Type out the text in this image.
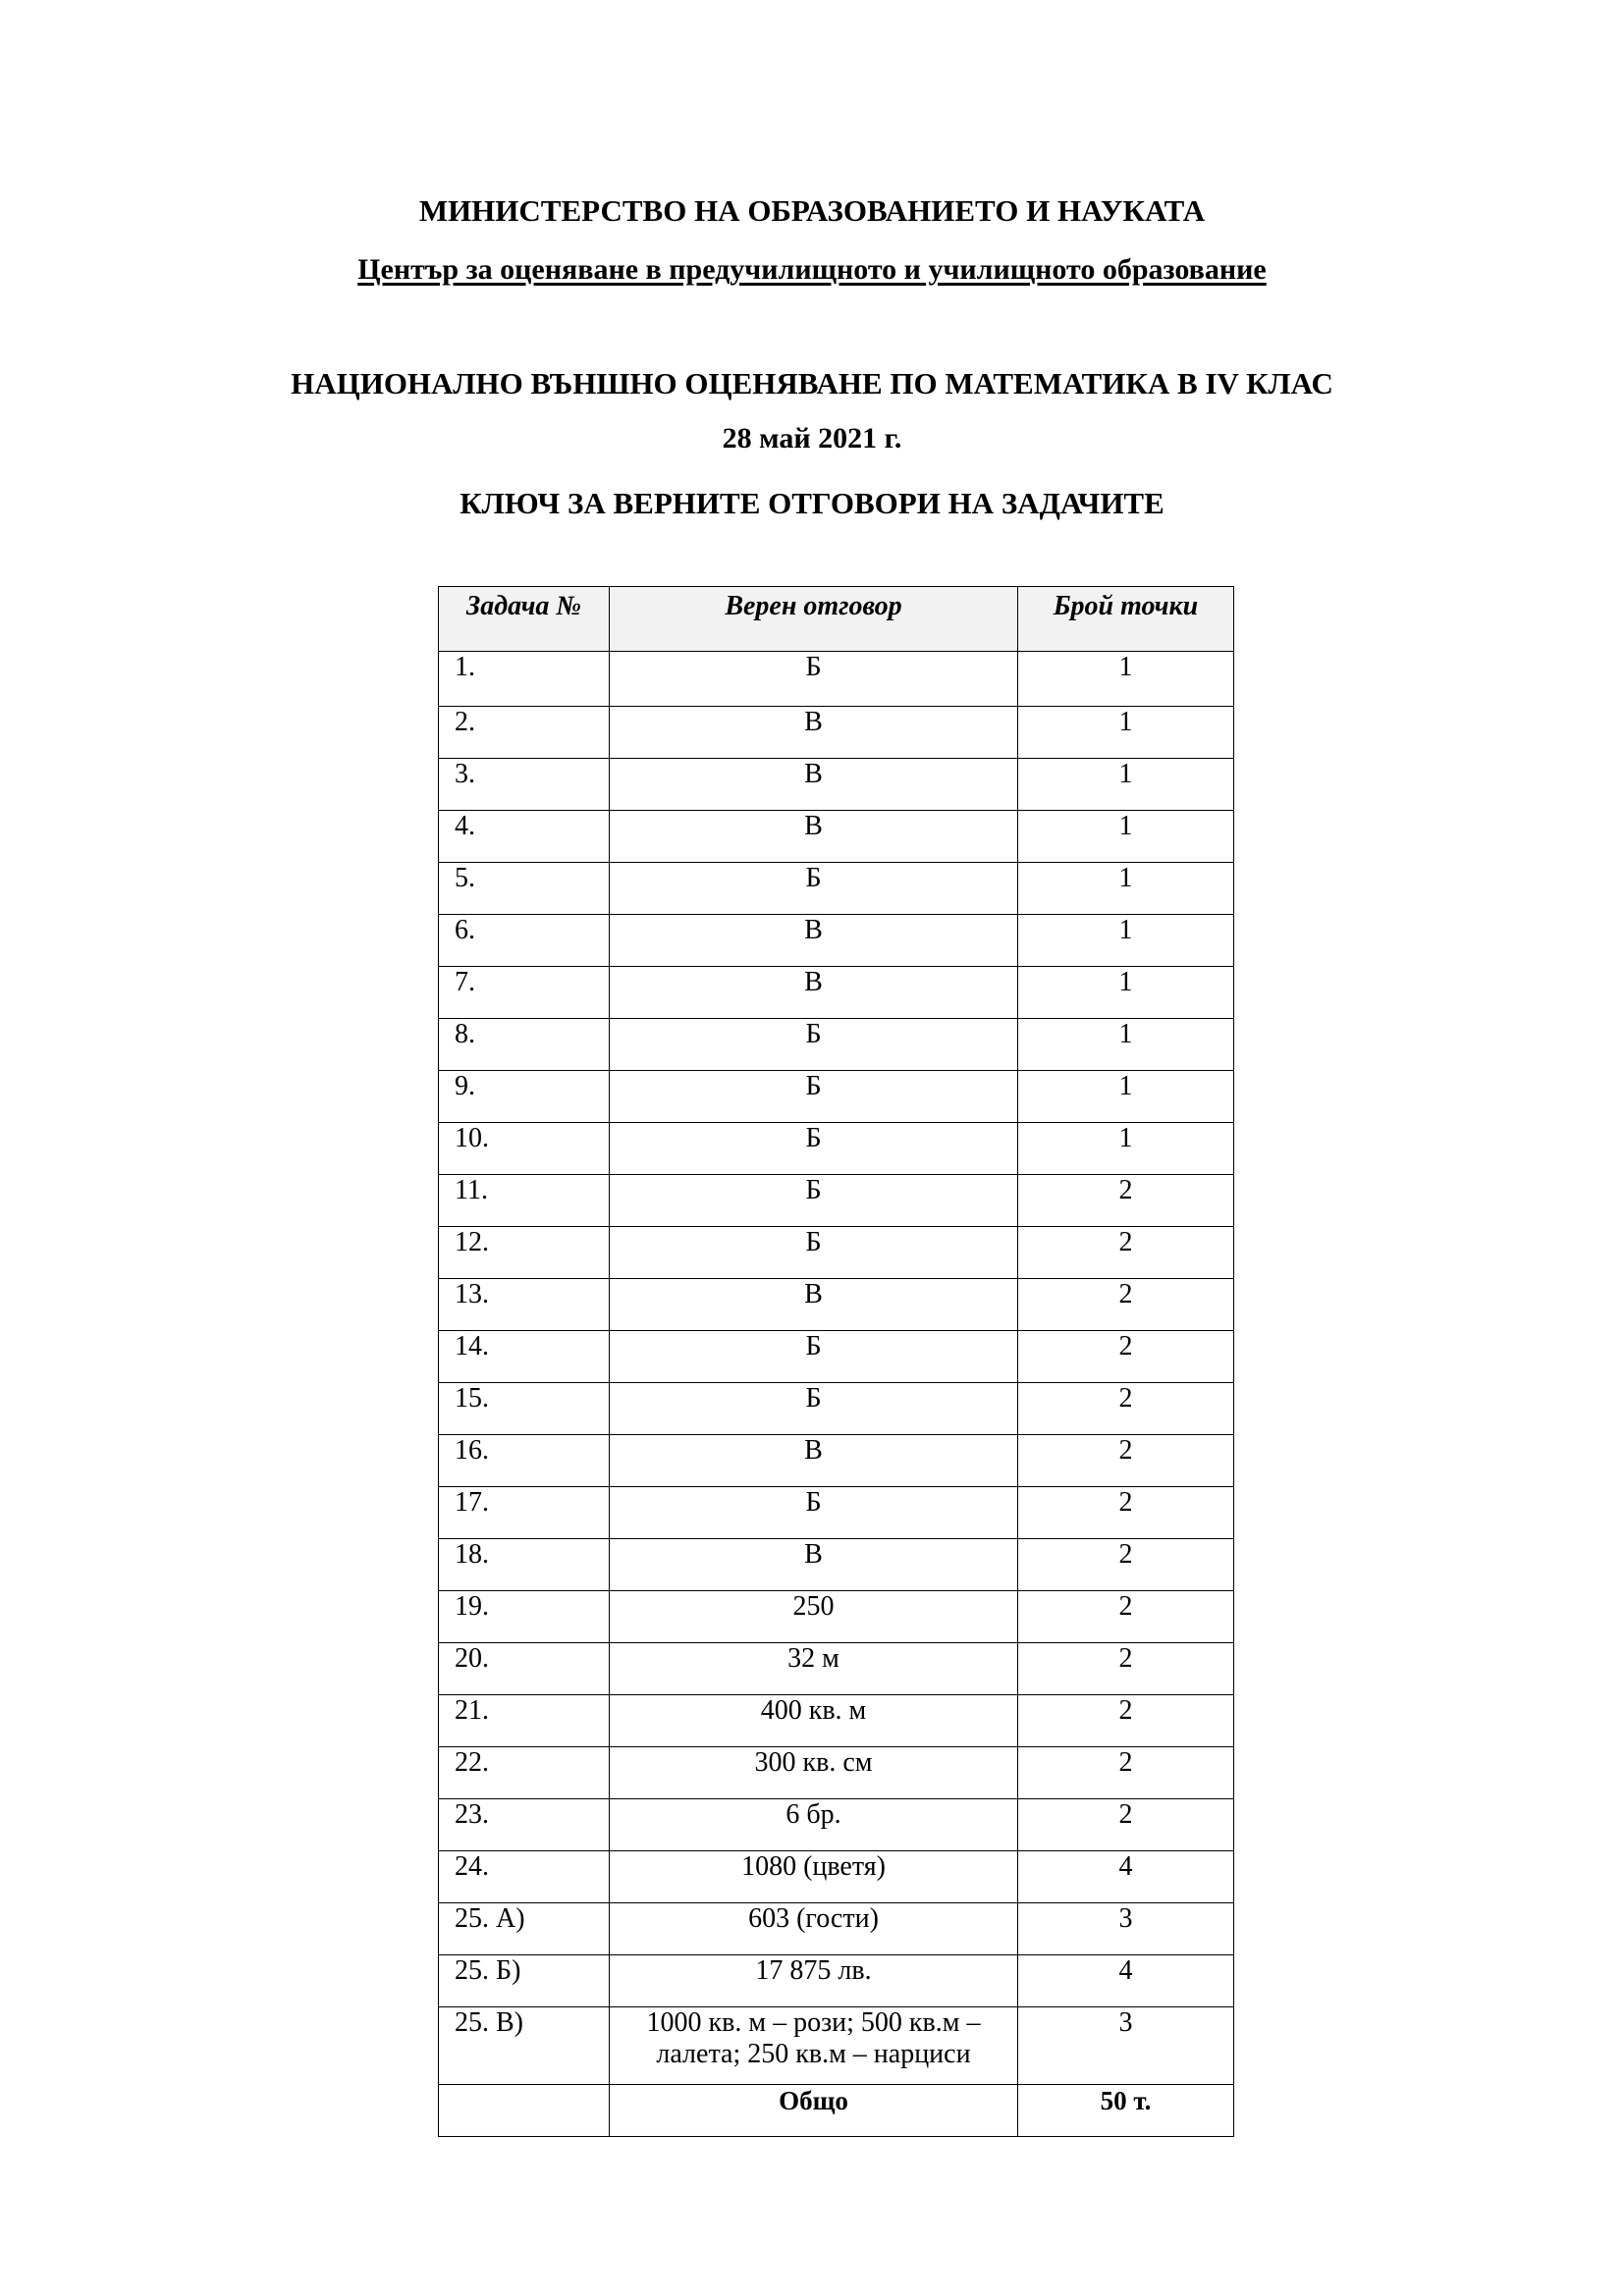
МИНИСТЕРСТВО НА ОБРАЗОВАНИЕТО И НАУКАТА
Център за оценяване в предучилищното и училищното образование
НАЦИОНАЛНО ВЪНШНО ОЦЕНЯВАНЕ ПО МАТЕМАТИКА В IV КЛАС
28 май 2021 г.
КЛЮЧ ЗА ВЕРНИТЕ ОТГОВОРИ НА ЗАДАЧИТЕ
Задача №	Верен отговор	Брой точки
1.	Б	1
2.	В	1
3.	В	1
4.	В	1
5.	Б	1
6.	В	1
7.	В	1
8.	Б	1
9.	Б	1
10.	Б	1
11.	Б	2
12.	Б	2
13.	В	2
14.	Б	2
15.	Б	2
16.	В	2
17.	Б	2
18.	В	2
19.	250	2
20.	32 м	2
21.	400 кв. м	2
22.	300 кв. см	2
23.	6 бр.	2
24.	1080 (цветя)	4
25. А)	603 (гости)	3
25. Б)	17 875 лв.	4
25. В)	1000 кв. м – рози; 500 кв.м – лалета; 250 кв.м – нарциси	3
	Общо	50 т.
